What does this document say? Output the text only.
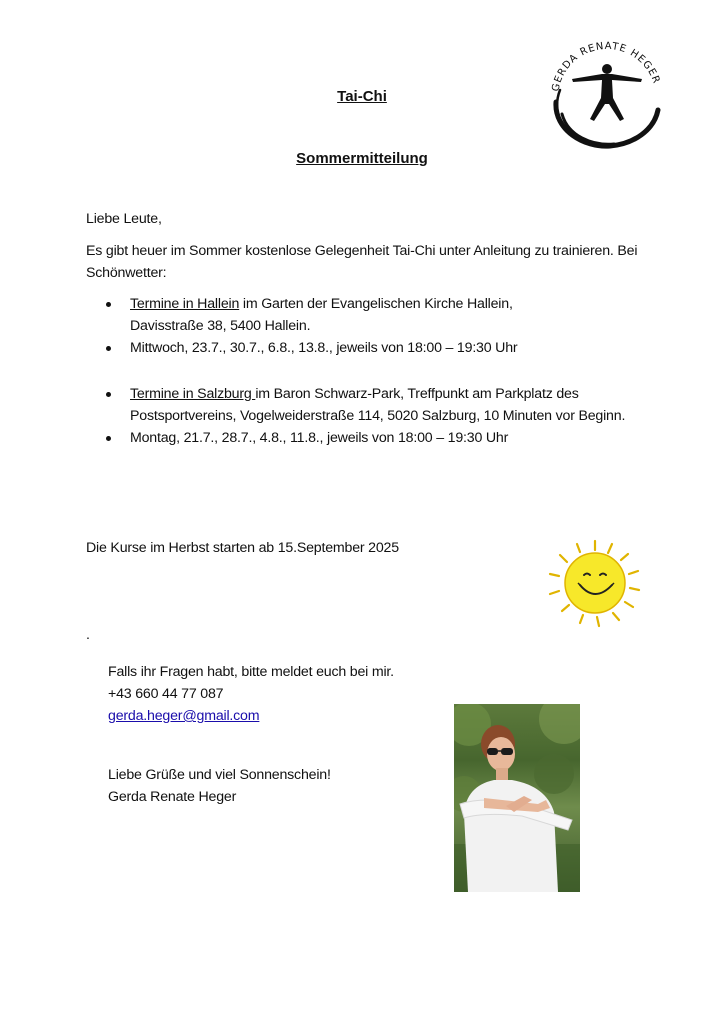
GERDA RENATE HEGER
Tai-Chi
Sommermitteilung
Liebe Leute,
Es gibt heuer im Sommer kostenlose Gelegenheit Tai-Chi unter Anleitung zu trainieren. Bei
Schönwetter:
Termine in Hallein im Garten der Evangelischen Kirche Hallein,
Davisstraße 38, 5400 Hallein.
Mittwoch, 23.7., 30.7., 6.8., 13.8., jeweils von 18:00 – 19:30 Uhr
Termine in Salzburg im Baron Schwarz-Park, Treffpunkt am Parkplatz des
Postsportvereins, Vogelweiderstraße 114, 5020 Salzburg, 10 Minuten vor Beginn.
Montag, 21.7., 28.7., 4.8., 11.8., jeweils von 18:00 – 19:30 Uhr
Die Kurse im Herbst starten ab 15.September 2025
.
Falls ihr Fragen habt, bitte meldet euch bei mir.
+43 660 44 77 087
gerda.heger@gmail.com
Liebe Grüße und viel Sonnenschein!
Gerda Renate Heger
